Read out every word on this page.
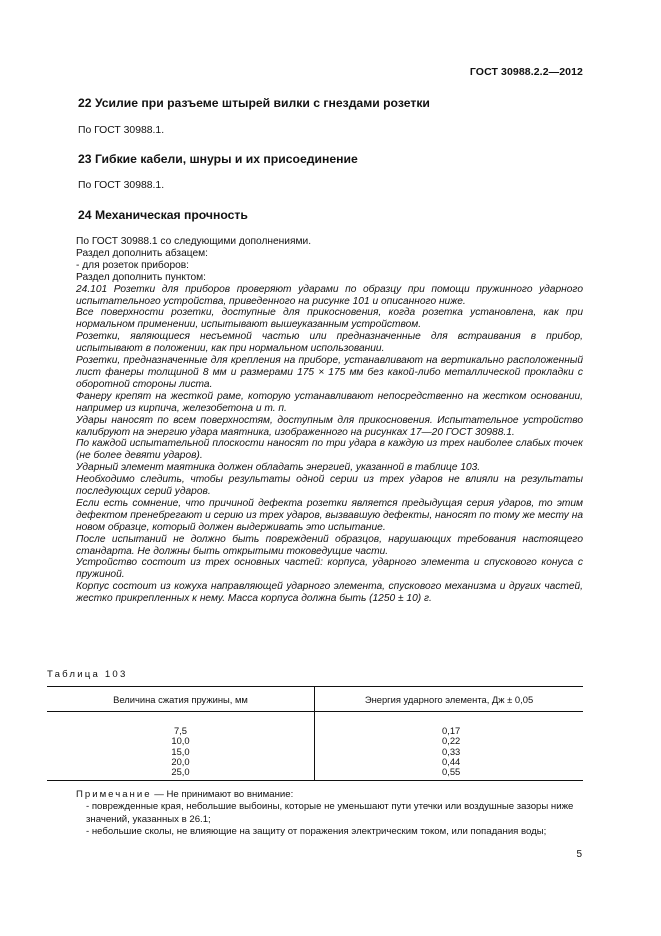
ГОСТ 30988.2.2—2012
22 Усилие при разъеме штырей вилки с гнездами розетки
По ГОСТ 30988.1.
23 Гибкие кабели, шнуры и их присоединение
По ГОСТ 30988.1.
24 Механическая прочность

По ГОСТ 30988.1 со следующими дополнениями.

Раздел дополнить абзацем:

- для розеток приборов:

Раздел дополнить пунктом:

24.101 Розетки для приборов проверяют ударами по образцу при помощи пружинного ударного испытательного устройства, приведенного на рисунке 101 и описанного ниже.

Все поверхности розетки, доступные для прикосновения, когда розетка установлена, как при нормальном применении, испытывают вышеуказанным устройством.

Розетки, являющиеся несъемной частью или предназначенные для встраивания в прибор, испытывают в положении, как при нормальном использовании.

Розетки, предназначенные для крепления на приборе, устанавливают на вертикально расположенный лист фанеры толщиной 8 мм и размерами 175 × 175 мм без какой-либо металлической прокладки с оборотной стороны листа.

Фанеру крепят на жесткой раме, которую устанавливают непосредственно на жестком основании, например из кирпича, железобетона и т. п.

Удары наносят по всем поверхностям, доступным для прикосновения. Испытательное устройство калибруют на энергию удара маятника, изображенного на рисунках 17—20 ГОСТ 30988.1.

По каждой испытательной плоскости наносят по три удара в каждую из трех наиболее слабых точек (не более девяти ударов).

Ударный элемент маятника должен обладать энергией, указанной в таблице 103.

Необходимо следить, чтобы результаты одной серии из трех ударов не влияли на результаты последующих серий ударов.

Если есть сомнение, что причиной дефекта розетки является предыдущая серия ударов, то этим дефектом пренебрегают и серию из трех ударов, вызвавшую дефекты, наносят по тому же месту на новом образце, который должен выдерживать это испытание.

После испытаний не должно быть повреждений образцов, нарушающих требования настоящего стандарта. Не должны быть открытыми токоведущие части.

Устройство состоит из трех основных частей: корпуса, ударного элемента и спускового конуса с пружиной.

Корпус состоит из кожуха направляющей ударного элемента, спускового механизма и других частей, жестко прикрепленных к нему. Масса корпуса должна быть (1250 ± 10) г.

Таблица 103
Величина сжатия пружины, мм	Энергия ударного элемента, Дж ± 0,05
7,5	0,17
10,0	0,22
15,0	0,33
20,0	0,44
25,0	0,55

Примечание — Не принимают во внимание:

- поврежденные края, небольшие выбоины, которые не уменьшают пути утечки или воздушные зазоры ниже значений, указанных в 26.1;

- небольшие сколы, не влияющие на защиту от поражения электрическим током, или попадания воды;

5
